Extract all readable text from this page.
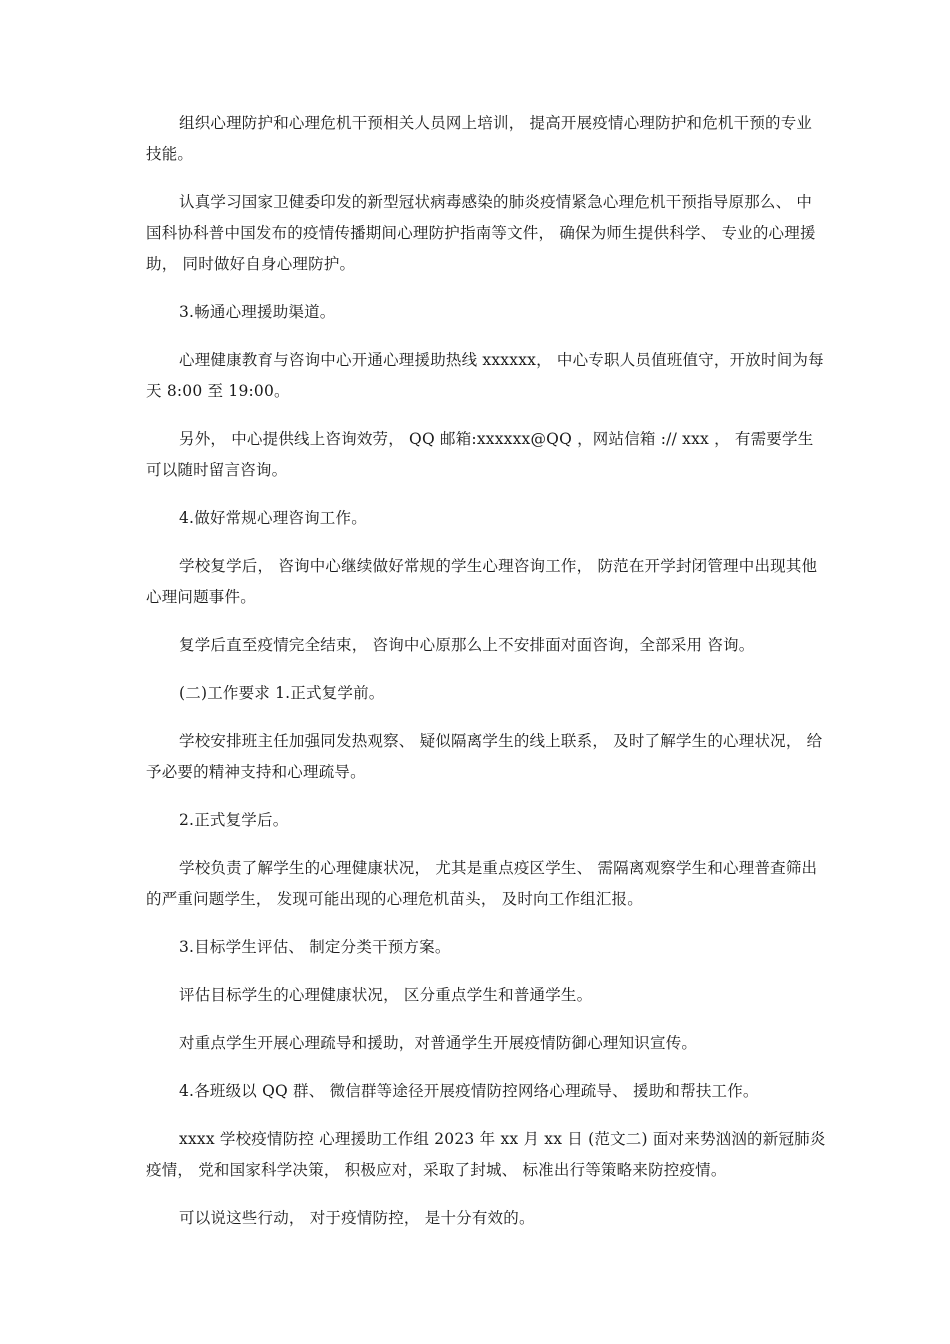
组织心理防护和心理危机干预相关人员网上培训， 提高开展疫情心理防护和危机干预的专业技能。

认真学习国家卫健委印发的新型冠状病毒感染的肺炎疫情紧急心理危机干预指导原那么、 中国科协科普中国发布的疫情传播期间心理防护指南等文件， 确保为师生提供科学、 专业的心理援助， 同时做好自身心理防护。

3.畅通心理援助渠道。

心理健康教育与咨询中心开通心理援助热线 xxxxxx， 中心专职人员值班值守，开放时间为每天 8:00 至 19:00。

另外， 中心提供线上咨询效劳， QQ 邮箱:xxxxxx@QQ ，网站信箱 :// xxx ， 有需要学生可以随时留言咨询。

4.做好常规心理咨询工作。

学校复学后， 咨询中心继续做好常规的学生心理咨询工作， 防范在开学封闭管理中出现其他心理问题事件。

复学后直至疫情完全结束， 咨询中心原那么上不安排面对面咨询，全部采用 咨询。

(二)工作要求 1.正式复学前。

学校安排班主任加强同发热观察、 疑似隔离学生的线上联系， 及时了解学生的心理状况， 给予必要的精神支持和心理疏导。

2.正式复学后。

学校负责了解学生的心理健康状况， 尤其是重点疫区学生、 需隔离观察学生和心理普查筛出的严重问题学生， 发现可能出现的心理危机苗头， 及时向工作组汇报。

3.目标学生评估、 制定分类干预方案。

评估目标学生的心理健康状况， 区分重点学生和普通学生。

对重点学生开展心理疏导和援助，对普通学生开展疫情防御心理知识宣传。

4.各班级以 QQ 群、 微信群等途径开展疫情防控网络心理疏导、 援助和帮扶工作。

xxxx 学校疫情防控 心理援助工作组 2023 年 xx 月 xx 日 (范文二) 面对来势汹汹的新冠肺炎疫情， 党和国家科学决策， 积极应对，采取了封城、 标准出行等策略来防控疫情。

可以说这些行动， 对于疫情防控， 是十分有效的。
